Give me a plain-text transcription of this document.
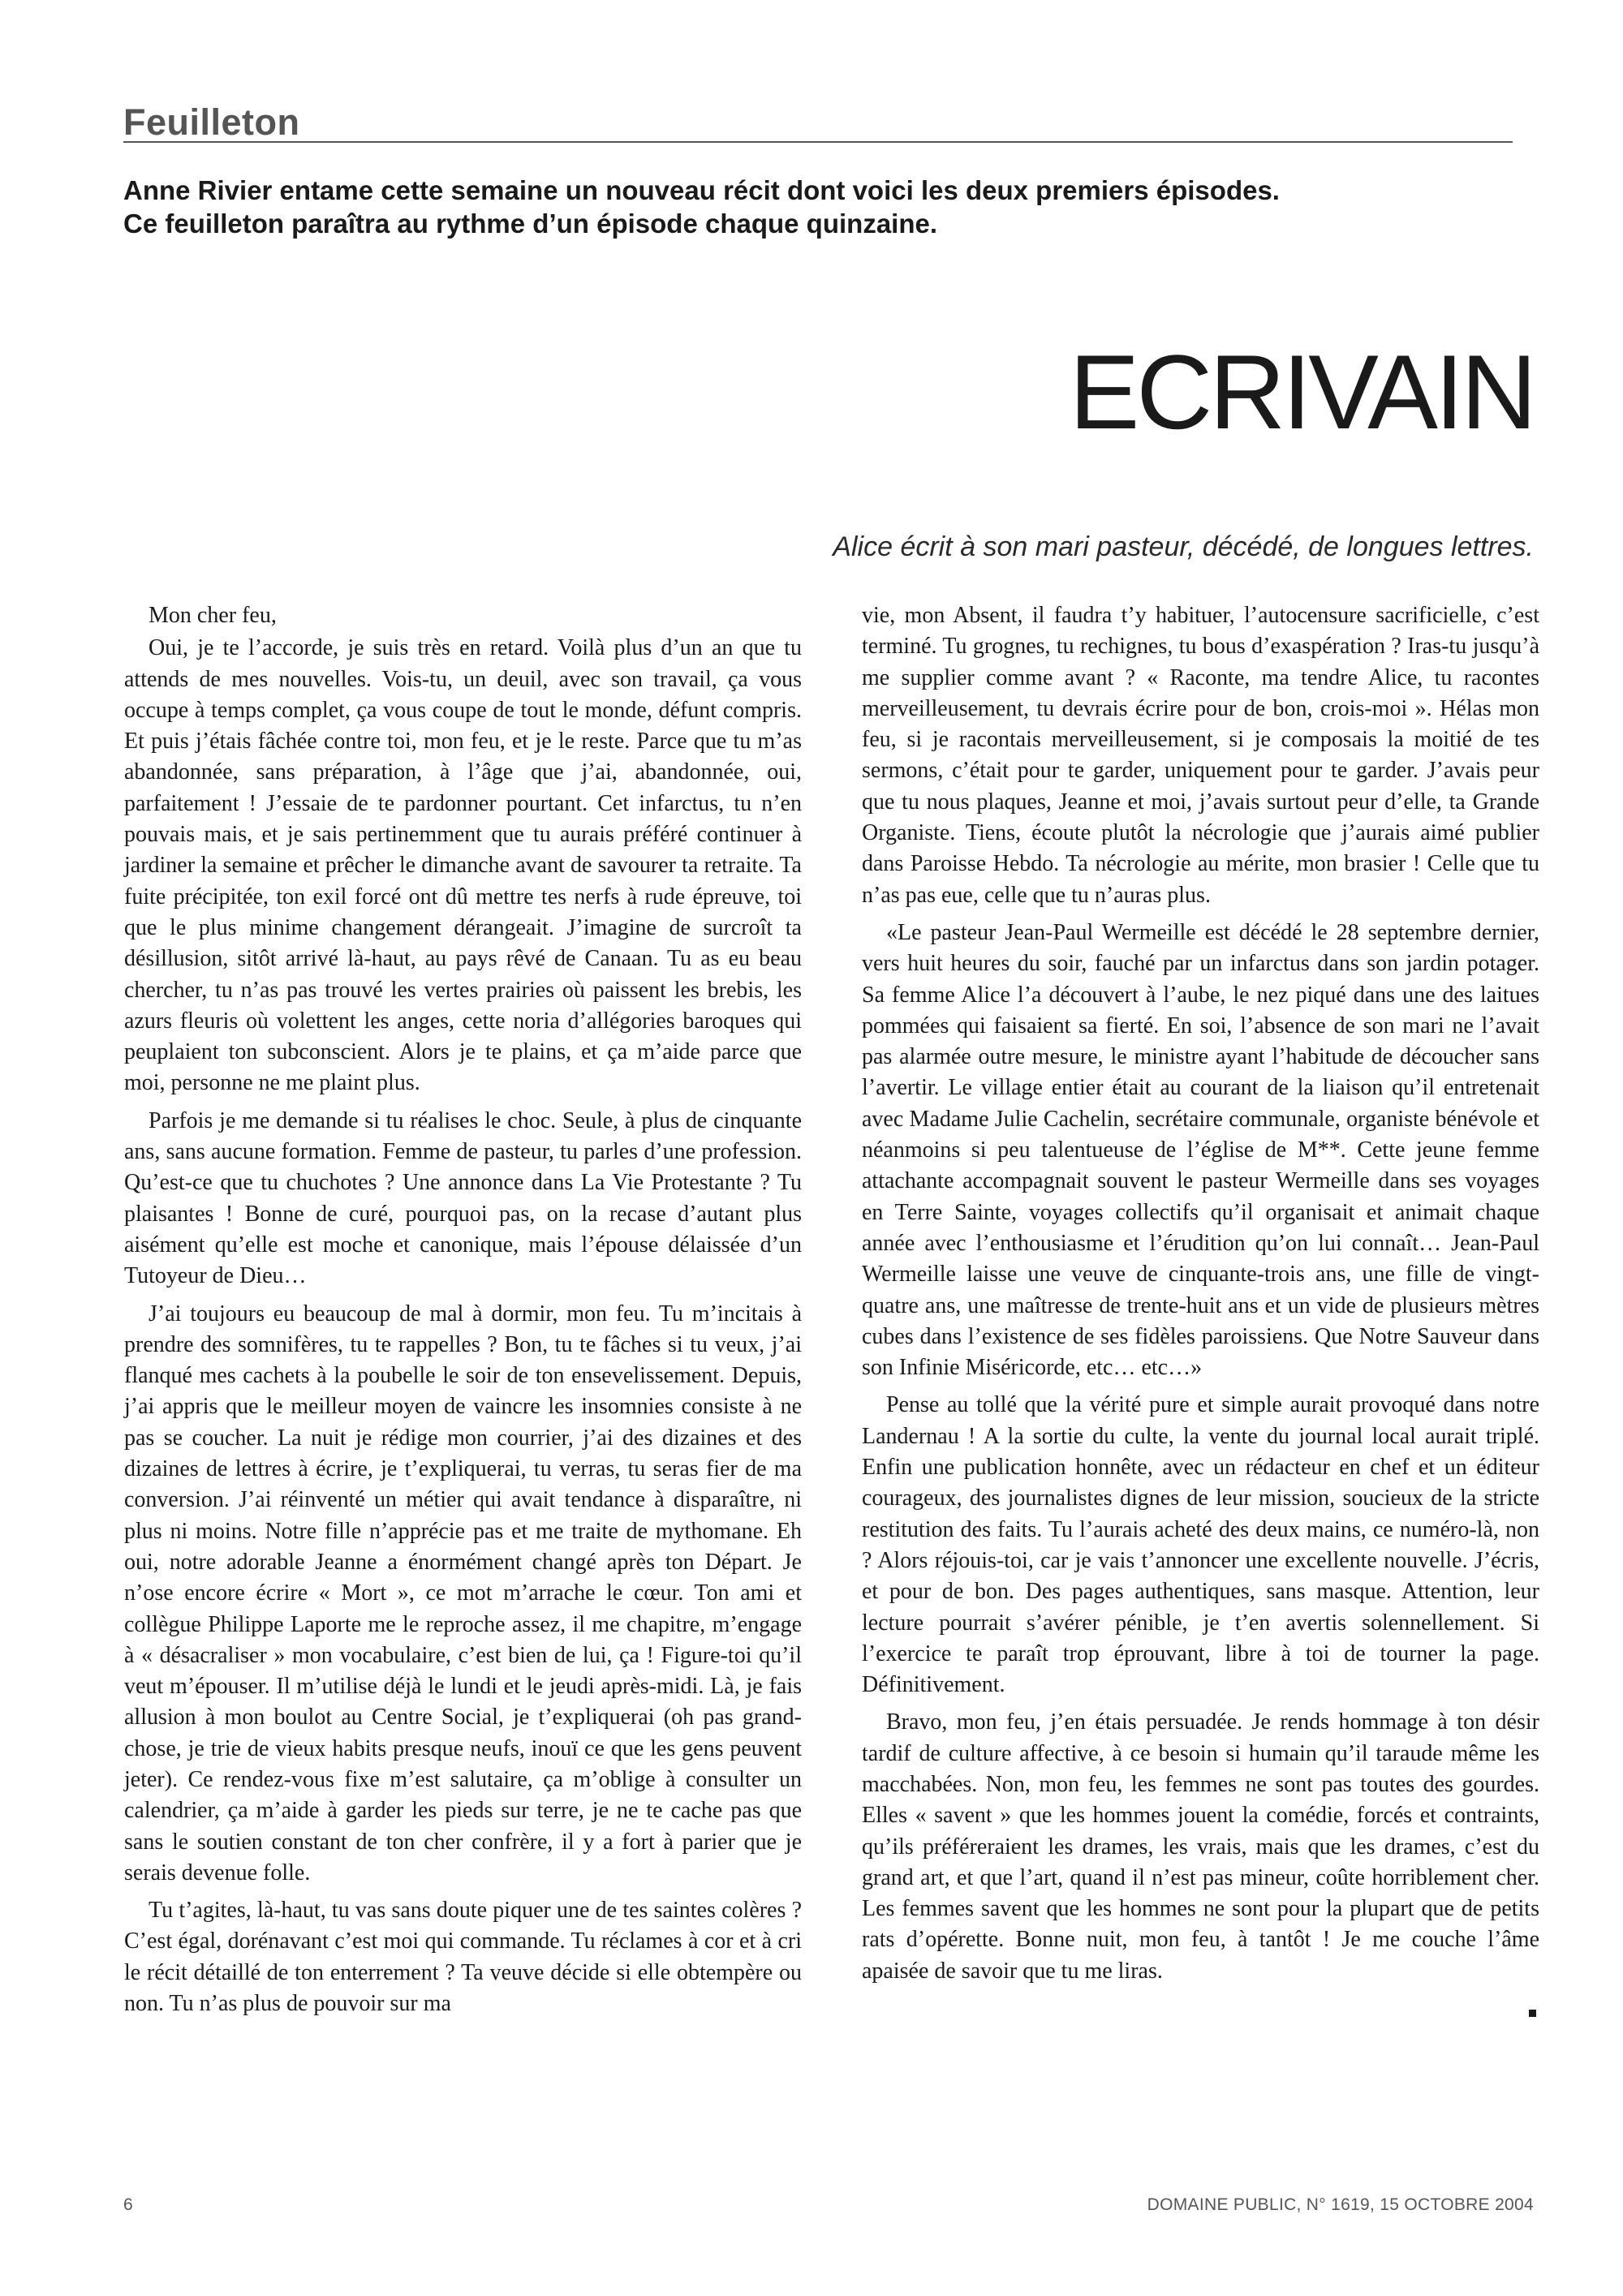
Feuilleton

Anne Rivier entame cette semaine un nouveau récit dont voici les deux premiers épisodes.

Ce feuilleton paraîtra au rythme d’un épisode chaque quinzaine.

ECRIVAIN

Alice écrit à son mari pasteur, décédé, de longues lettres.

Mon cher feu,

Oui, je te l’accorde, je suis très en retard. Voilà plus d’un an que tu attends de mes nouvelles. Vois-tu, un deuil, avec son travail, ça vous occupe à temps complet, ça vous coupe de tout le monde, défunt compris. Et puis j’étais fâchée contre toi, mon feu, et je le reste. Parce que tu m’as abandonnée, sans préparation, à l’âge que j’ai, abandonnée, oui, parfaitement ! J’essaie de te pardonner pourtant. Cet infarctus, tu n’en pouvais mais, et je sais pertinemment que tu aurais préféré continuer à jardiner la semaine et prêcher le dimanche avant de savourer ta retraite. Ta fuite précipitée, ton exil forcé ont dû mettre tes nerfs à rude épreuve, toi que le plus minime changement dérangeait. J’imagine de surcroît ta désillusion, sitôt arrivé là-haut, au pays rêvé de Canaan. Tu as eu beau chercher, tu n’as pas trouvé les vertes prairies où paissent les brebis, les azurs fleuris où volettent les anges, cette noria d’allégories baroques qui peuplaient ton subconscient. Alors je te plains, et ça m’aide parce que moi, personne ne me plaint plus.

Parfois je me demande si tu réalises le choc. Seule, à plus de cinquante ans, sans aucune formation. Femme de pasteur, tu parles d’une profession. Qu’est-ce que tu chuchotes ? Une annonce dans La Vie Protestante ? Tu plaisantes ! Bonne de curé, pourquoi pas, on la recase d’autant plus aisément qu’elle est moche et canonique, mais l’épouse délaissée d’un Tutoyeur de Dieu…

J’ai toujours eu beaucoup de mal à dormir, mon feu. Tu m’incitais à prendre des somnifères, tu te rappelles ? Bon, tu te fâches si tu veux, j’ai flanqué mes cachets à la poubelle le soir de ton ensevelissement. Depuis, j’ai appris que le meilleur moyen de vaincre les insomnies consiste à ne pas se coucher. La nuit je rédige mon courrier, j’ai des dizaines et des dizaines de lettres à écrire, je t’expliquerai, tu verras, tu seras fier de ma conversion. J’ai réinventé un métier qui avait tendance à disparaître, ni plus ni moins. Notre fille n’apprécie pas et me traite de mythomane. Eh oui, notre adorable Jeanne a énormément changé après ton Départ. Je n’ose encore écrire « Mort », ce mot m’arrache le cœur. Ton ami et collègue Philippe Laporte me le reproche assez, il me chapitre, m’engage à « désacraliser » mon vocabulaire, c’est bien de lui, ça ! Figure-toi qu’il veut m’épouser. Il m’utilise déjà le lundi et le jeudi après-midi. Là, je fais allusion à mon boulot au Centre Social, je t’expliquerai (oh pas grand-chose, je trie de vieux habits presque neufs, inouï ce que les gens peuvent jeter). Ce rendez-vous fixe m’est salutaire, ça m’oblige à consulter un calendrier, ça m’aide à garder les pieds sur terre, je ne te cache pas que sans le soutien constant de ton cher confrère, il y a fort à parier que je serais devenue folle.

Tu t’agites, là-haut, tu vas sans doute piquer une de tes saintes colères ? C’est égal, dorénavant c’est moi qui commande. Tu réclames à cor et à cri le récit détaillé de ton enterrement ? Ta veuve décide si elle obtempère ou non. Tu n’as plus de pouvoir sur ma

vie, mon Absent, il faudra t’y habituer, l’autocensure sacrificielle, c’est terminé. Tu grognes, tu rechignes, tu bous d’exaspération ? Iras-tu jusqu’à me supplier comme avant ? « Raconte, ma tendre Alice, tu racontes merveilleusement, tu devrais écrire pour de bon, crois-moi ». Hélas mon feu, si je racontais merveilleusement, si je composais la moitié de tes sermons, c’était pour te garder, uniquement pour te garder. J’avais peur que tu nous plaques, Jeanne et moi, j’avais surtout peur d’elle, ta Grande Organiste. Tiens, écoute plutôt la nécrologie que j’aurais aimé publier dans Paroisse Hebdo. Ta nécrologie au mérite, mon brasier ! Celle que tu n’as pas eue, celle que tu n’auras plus.

«Le pasteur Jean-Paul Wermeille est décédé le 28 septembre dernier, vers huit heures du soir, fauché par un infarctus dans son jardin potager. Sa femme Alice l’a découvert à l’aube, le nez piqué dans une des laitues pommées qui faisaient sa fierté. En soi, l’absence de son mari ne l’avait pas alarmée outre mesure, le ministre ayant l’habitude de découcher sans l’avertir. Le village entier était au courant de la liaison qu’il entretenait avec Madame Julie Cachelin, secrétaire communale, organiste bénévole et néanmoins si peu talentueuse de l’église de M**. Cette jeune femme attachante accompagnait souvent le pasteur Wermeille dans ses voyages en Terre Sainte, voyages collectifs qu’il organisait et animait chaque année avec l’enthousiasme et l’érudition qu’on lui connaît… Jean-Paul Wermeille laisse une veuve de cinquante-trois ans, une fille de vingt-quatre ans, une maîtresse de trente-huit ans et un vide de plusieurs mètres cubes dans l’existence de ses fidèles paroissiens. Que Notre Sauveur dans son Infinie Miséricorde, etc… etc…»

Pense au tollé que la vérité pure et simple aurait provoqué dans notre Landernau ! A la sortie du culte, la vente du journal local aurait triplé. Enfin une publication honnête, avec un rédacteur en chef et un éditeur courageux, des journalistes dignes de leur mission, soucieux de la stricte restitution des faits. Tu l’aurais acheté des deux mains, ce numéro-là, non ? Alors réjouis-toi, car je vais t’annoncer une excellente nouvelle. J’écris, et pour de bon. Des pages authentiques, sans masque. Attention, leur lecture pourrait s’avérer pénible, je t’en avertis solennellement. Si l’exercice te paraît trop éprouvant, libre à toi de tourner la page. Définitivement.

Bravo, mon feu, j’en étais persuadée. Je rends hommage à ton désir tardif de culture affective, à ce besoin si humain qu’il taraude même les macchabées. Non, mon feu, les femmes ne sont pas toutes des gourdes. Elles « savent » que les hommes jouent la comédie, forcés et contraints, qu’ils préféreraient les drames, les vrais, mais que les drames, c’est du grand art, et que l’art, quand il n’est pas mineur, coûte horriblement cher. Les femmes savent que les hommes ne sont pour la plupart que de petits rats d’opérette. Bonne nuit, mon feu, à tantôt ! Je me couche l’âme apaisée de savoir que tu me liras.

6	DOMAINE PUBLIC, N° 1619, 15 OCTOBRE 2004
